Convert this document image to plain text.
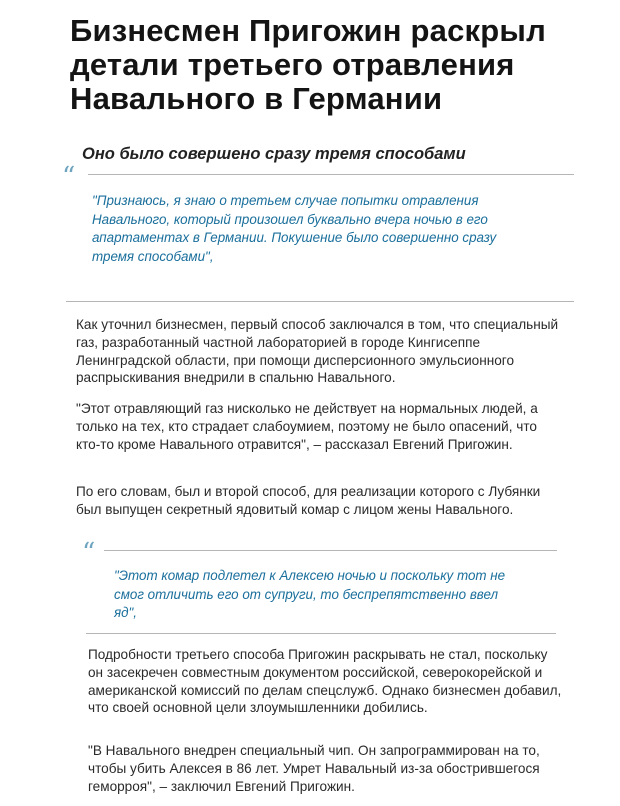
Бизнесмен Пригожин раскрыл детали третьего отравления Навального в Германии

Оно было совершено сразу тремя способами

“

"Признаюсь, я знаю о третьем случае попытки отравления Навального, который произошел буквально вчера ночью в его апартаментах в Германии. Покушение было совершенно сразу тремя способами",

Как уточнил бизнесмен, первый способ заключался в том, что специальный газ, разработанный частной лабораторией в городе Кингисеппе Ленинградской области, при помощи дисперсионного эмульсионного распрыскивания внедрили в спальню Навального.

"Этот отравляющий газ нисколько не действует на нормальных людей, а только на тех, кто страдает слабоумием, поэтому не было опасений, что кто-то кроме Навального отравится", – рассказал Евгений Пригожин.

По его словам, был и второй способ, для реализации которого с Лубянки был выпущен секретный ядовитый комар с лицом жены Навального.

“

"Этот комар подлетел к Алексею ночью и поскольку тот не смог отличить его от супруги, то беспрепятственно ввел яд",

Подробности третьего способа Пригожин раскрывать не стал, поскольку он засекречен совместным документом российской, северокорейской и американской комиссий по делам спецслужб. Однако бизнесмен добавил, что своей основной цели злоумышленники добились.

"В Навального внедрен специальный чип. Он запрограммирован на то, чтобы убить Алексея в 86 лет. Умрет Навальный из-за обострившегося геморроя", – заключил Евгений Пригожин.
